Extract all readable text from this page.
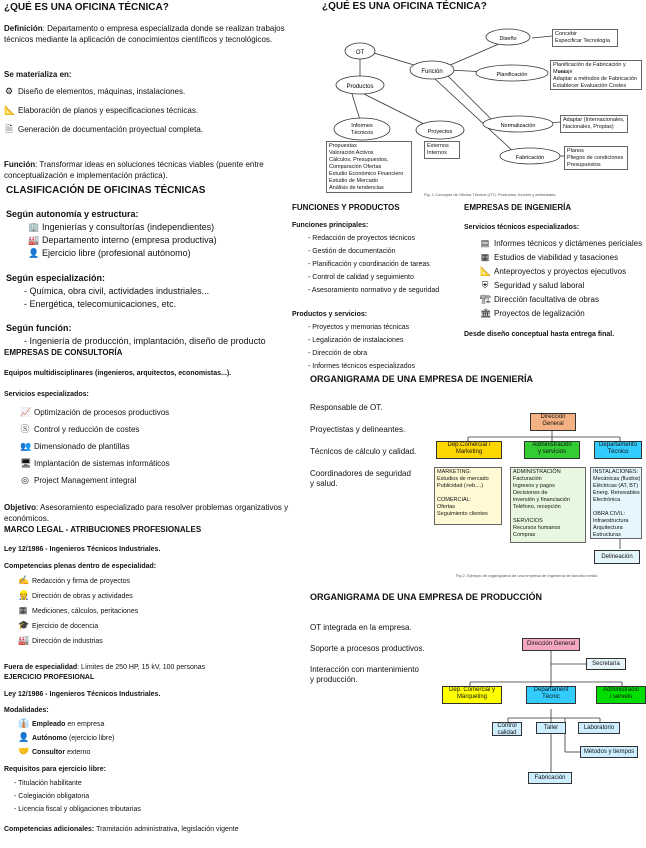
¿QUÉ ES UNA OFICINA TÉCNICA?
Definición: Departamento o empresa especializada donde se realizan trabajos
técnicos mediante la aplicación de conocimientos científicos y tecnológicos.
Se materializa en:
⚙ Diseño de elementos, máquinas, instalaciones.
📐 Elaboración de planos y especificaciones técnicas.
🗎 Generación de documentación proyectual completa.
Función: Transformar ideas en soluciones técnicas viables (puente entre
conceptualización e implementación práctica).
CLASIFICACIÓN DE OFICINAS TÉCNICAS
Según autonomía y estructura:
🏢 Ingenierías y consultorías (independientes)
🏭 Departamento interno (empresa productiva)
👤 Ejercicio libre (profesional autónomo)
Según especialización:
- Química, obra civil, actividades industriales...
- Energética, telecomunicaciones, etc.
Según función:
- Ingeniería de producción, implantación, diseño de producto
EMPRESAS DE CONSULTORÍA
Equipos multidisciplinares (ingenieros, arquitectos, economistas...).
Servicios especializados:
📈 Optimización de procesos productivos
Ⓢ Control y reducción de costes
👥 Dimensionado de plantillas
🖥 Implantación de sistemas informáticos
◎ Project Management integral
Objetivo: Asesoramiento especializado para resolver problemas organizativos y
económicos.
MARCO LEGAL - ATRIBUCIONES PROFESIONALES
Ley 12/1986 - Ingenieros Técnicos Industriales.
Competencias plenas dentro de especialidad:
✍ Redacción y firma de proyectos
👷 Dirección de obras y actividades
▦ Mediciones, cálculos, peritaciones
🎓 Ejercicio de docencia
🏭 Dirección de industrias
Fuera de especialidad: Límites de 250 HP, 15 kV, 100 personas
EJERCICIO PROFESIONAL
Ley 12/1986 - Ingenieros Técnicos Industriales.
Modalidades:
👔 Empleado en empresa
👤 Autónomo (ejercicio libre)
🤝 Consultor externo
Requisitos para ejercicio libre:
- Titulación habilitante
- Colegiación obligatoria
- Licencia fiscal y obligaciones tributarias
Competencias adicionales: Tramitación administrativa, legislación vigente
¿QUÉ ES UNA OFICINA TÉCNICA?
OT
Función
Productos
Diseño
Planificación
Normalización
Fabricación
Informes Técnicos	Proyectos
Concebir
Especificar Tecnología
Planificación de Fabricación y
Montaje
Adaptar a métodos de Fabricación
Establecer Evaluación Costes
Adaptar (Internacionales,
Nacionales, Propias)
Planos
Pliegos de condiciones
Presupuestos
Propuestas
Valoración Activos
Cálculos, Presupuestos,
Comparación Ofertas
Estudio Económico Financiero
Estudio de Mercado
Análisis de tendencias
Externos
Internos
Fig. 1 Concepto de Oficina Técnica (OT). Productos, función y actividades.
FUNCIONES Y PRODUCTOS
Funciones principales:
- Redacción de proyectos técnicos
- Gestión de documentación
- Planificación y coordinación de tareas
- Control de calidad y seguimiento
- Asesoramiento normativo y de seguridad
Productos y servicios:
- Proyectos y memorias técnicas
- Legalización de instalaciones
- Dirección de obra
- Informes técnicos especializados
EMPRESAS DE INGENIERÍA
Servicios técnicos especializados:
▤ Informes técnicos y dictámenes periciales
▦ Estudios de viabilidad y tasaciones
📐 Anteproyectos y proyectos ejecutivos
⛨ Seguridad y salud laboral
🏗 Dirección facultativa de obras
🏛 Proyectos de legalización
Desde diseño conceptual hasta entrega final.
ORGANIGRAMA DE UNA EMPRESA DE INGENIERÍA
Responsable de OT.
Proyectistas y delineantes.
Técnicos de cálculo y calidad.
Coordinadores de seguridad
y salud.
Dirección
General
Dep.Comercial /
Marketing
Administración
y servicios
Departamento
Técnico
MARKETING:
Estudios de mercado
Publicidad (>eb....)

COMERCIAL:
Ofertas
Seguimiento clientes
ADMINISTRACIÓN
Facturación
Ingresos y pagos
Decisiones de
inversión y financiación
Teléfono, recepción

SERVICIOS
Recursos humanos
Compras
INSTALACIONES:
Mecánicas (fluidos)
Eléctricas (AT, BT)
Energ. Renovables
Electrónica

OBRA CIVIL:
Infraestructura
Arquitectura
Estructuras
Delineación
Fig 2. Ejemplo de organigrama de una empresa de Ingeniería de tamaño medio.
ORGANIGRAMA DE UNA EMPRESA DE PRODUCCIÓN
OT integrada en la empresa.
Soporte a procesos productivos.
Interacción con mantenimiento
y producción.
Dirección General
Secretaría
Dep. Comercial y
Márqueting
Departament
Tècnic
Administració
i serveis
Control
calidad
Taller	Laboratorio
Métodos y tiempos
Fabricación
